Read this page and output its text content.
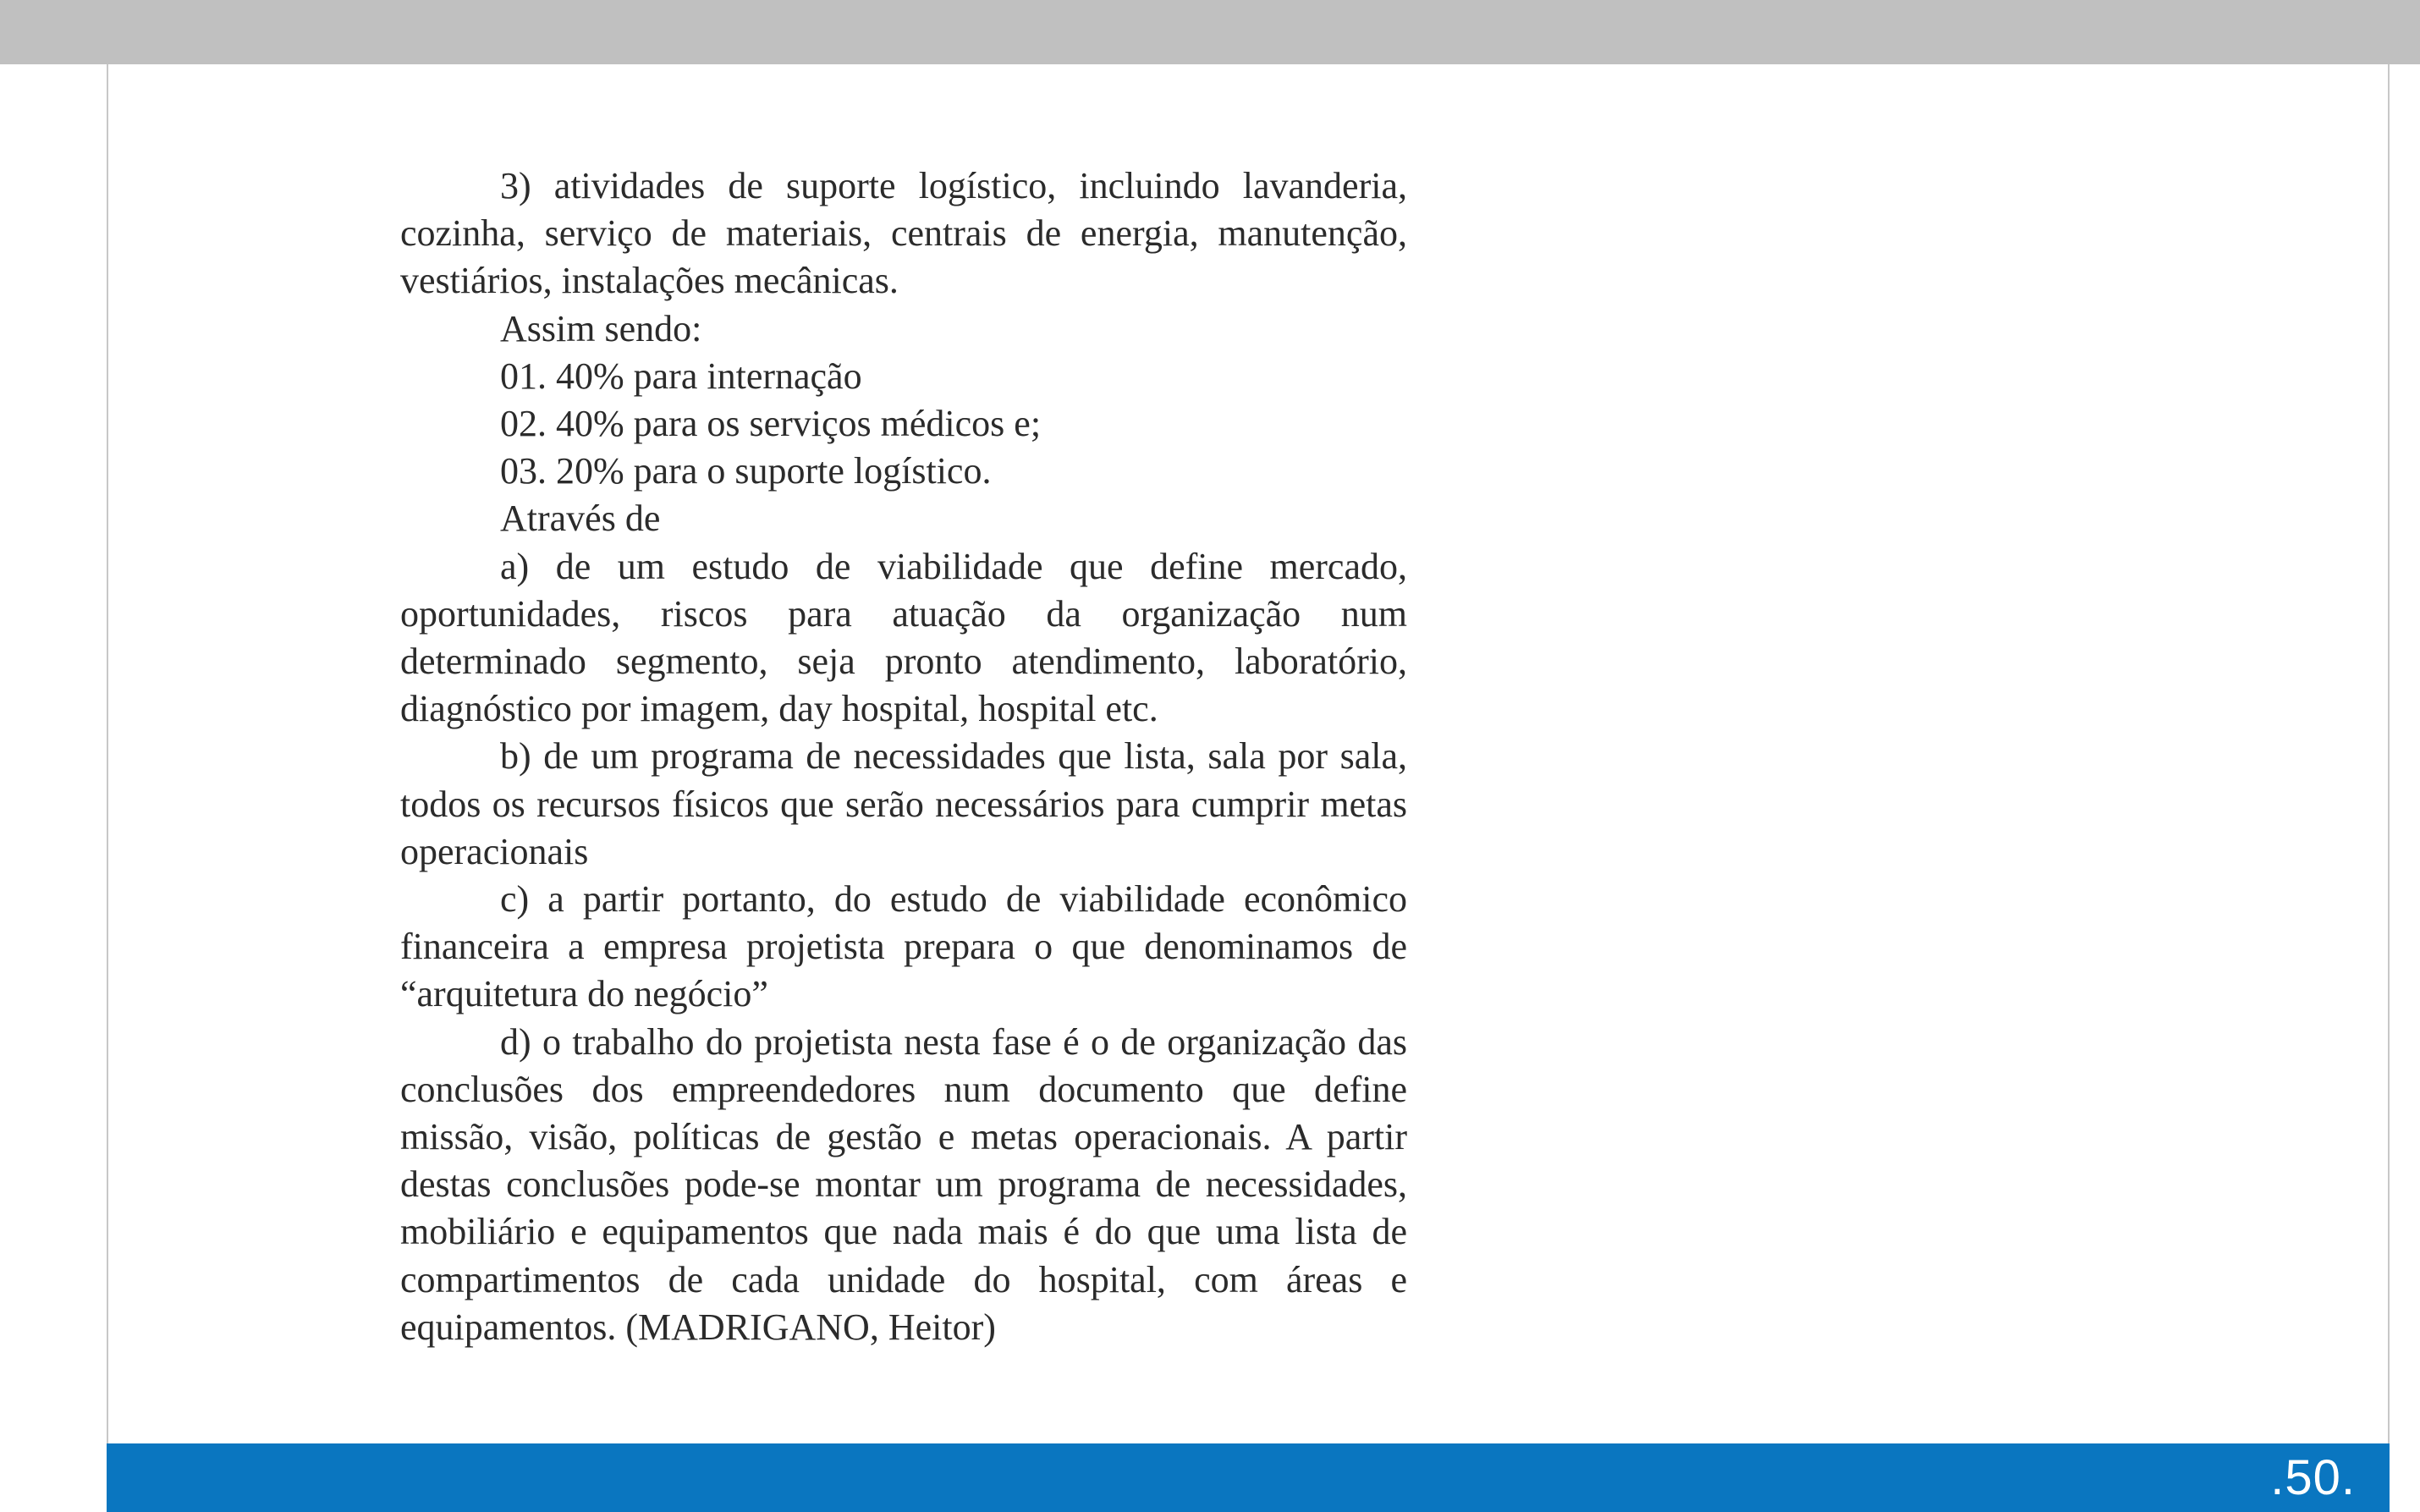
3) atividades de suporte logístico, incluindo lavanderia, cozinha, serviço de materiais, centrais de energia, manutenção, vestiários, instalações mecânicas.

Assim sendo:

01. 40% para internação

02. 40% para os serviços médicos e;

03. 20% para o suporte logístico.

Através de

a) de um estudo de viabilidade que define mercado, oportunidades, riscos para atuação da organização num determinado segmento, seja pronto atendimento, laboratório, diagnóstico por imagem, day hospital, hospital etc.

b) de um programa de necessidades que lista, sala por sala, todos os recursos físicos que serão necessários para cumprir metas operacionais

c) a partir portanto, do estudo de viabilidade econômico financeira a empresa projetista prepara o que denominamos de “arquitetura do negócio”

d) o trabalho do projetista nesta fase é o de organização das conclusões dos empreendedores num documento que define missão, visão, políticas de gestão e metas operacionais. A partir destas conclusões pode-se montar um programa de necessidades, mobiliário e equipamentos que nada mais é do que uma lista de compartimentos de cada unidade do hospital, com áreas e equipamentos. (MADRIGANO, Heitor)

.50.
